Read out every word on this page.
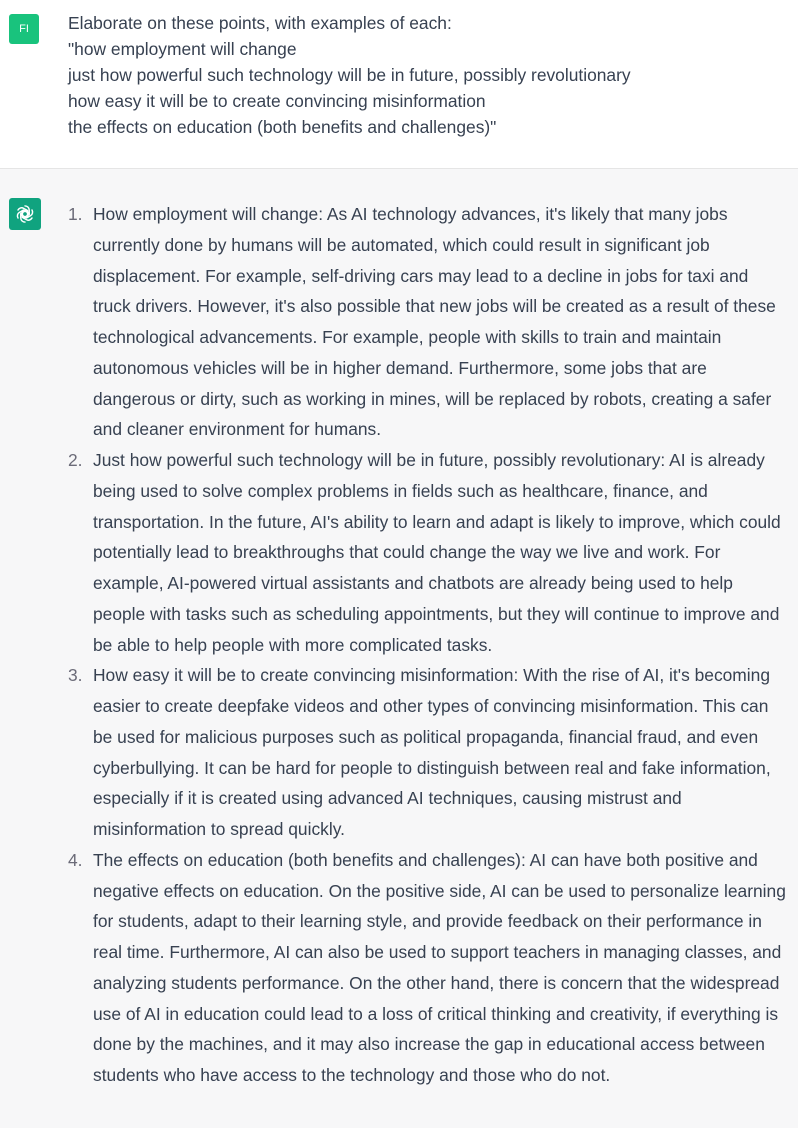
FI Elaborate on these points, with examples of each:
"how employment will change
just how powerful such technology will be in future, possibly revolutionary
how easy it will be to create convincing misinformation
the effects on education (both benefits and challenges)"
1. How employment will change: As AI technology advances, it's likely that many jobs currently done by humans will be automated, which could result in significant job displacement. For example, self-driving cars may lead to a decline in jobs for taxi and truck drivers. However, it's also possible that new jobs will be created as a result of these technological advancements. For example, people with skills to train and maintain autonomous vehicles will be in higher demand. Furthermore, some jobs that are dangerous or dirty, such as working in mines, will be replaced by robots, creating a safer and cleaner environment for humans.
2. Just how powerful such technology will be in future, possibly revolutionary: AI is already being used to solve complex problems in fields such as healthcare, finance, and transportation. In the future, AI's ability to learn and adapt is likely to improve, which could potentially lead to breakthroughs that could change the way we live and work. For example, AI-powered virtual assistants and chatbots are already being used to help people with tasks such as scheduling appointments, but they will continue to improve and be able to help people with more complicated tasks.
3. How easy it will be to create convincing misinformation: With the rise of AI, it's becoming easier to create deepfake videos and other types of convincing misinformation. This can be used for malicious purposes such as political propaganda, financial fraud, and even cyberbullying. It can be hard for people to distinguish between real and fake information, especially if it is created using advanced AI techniques, causing mistrust and misinformation to spread quickly.
4. The effects on education (both benefits and challenges): AI can have both positive and negative effects on education. On the positive side, AI can be used to personalize learning for students, adapt to their learning style, and provide feedback on their performance in real time. Furthermore, AI can also be used to support teachers in managing classes, and analyzing students performance. On the other hand, there is concern that the widespread use of AI in education could lead to a loss of critical thinking and creativity, if everything is done by the machines, and it may also increase the gap in educational access between students who have access to the technology and those who do not.
